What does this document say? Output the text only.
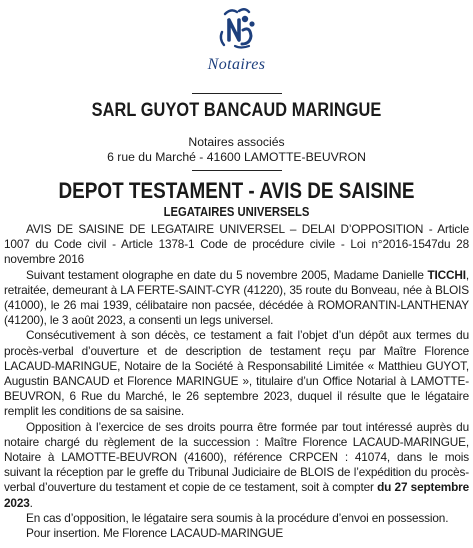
Notaires
SARL GUYOT BANCAUD MARINGUE
Notaires associés
6 rue du Marché - 41600 LAMOTTE-BEUVRON
DEPOT TESTAMENT - AVIS DE SAISINE
LEGATAIRES UNIVERSELS

AVIS DE SAISINE DE LEGATAIRE UNIVERSEL – DELAI D’OPPOSITION - Article 1007 du Code civil - Article 1378-1 Code de procédure civile - Loi n°2016-1547du 28 novembre 2016

Suivant testament olographe en date du 5 novembre 2005, Madame Danielle TICCHI, retraitée, demeurant à LA FERTE-SAINT-CYR (41220), 35 route du Bonveau, née à BLOIS (41000), le 26 mai 1939, célibataire non pacsée, décédée à ROMORANTIN-LANTHENAY (41200), le 3 août 2023, a consenti un legs universel.

Consécutivement à son décès, ce testament a fait l’objet d’un dépôt aux termes du procès-verbal d’ouverture et de description de testament reçu par Maître Florence LACAUD-MARINGUE, Notaire de la Société à Responsabilité Limitée « Matthieu GUYOT, Augustin BANCAUD et Florence MARINGUE », titulaire d’un Office Notarial à LAMOTTE-BEUVRON, 6 Rue du Marché, le 26 septembre 2023, duquel il résulte que le légataire remplit les conditions de sa saisine.

Opposition à l’exercice de ses droits pourra être formée par tout intéressé auprès du notaire chargé du règlement de la succession : Maître Florence LACAUD-MARINGUE, Notaire à LAMOTTE-BEUVRON (41600), référence CRPCEN : 41074, dans le mois suivant la réception par le greffe du Tribunal Judiciaire de BLOIS de l’expédition du procès-verbal d’ouverture du testament et copie de ce testament, soit à compter du 27 septembre 2023.

En cas d’opposition, le légataire sera soumis à la procédure d’envoi en possession.

Pour insertion. Me Florence LACAUD-MARINGUE
